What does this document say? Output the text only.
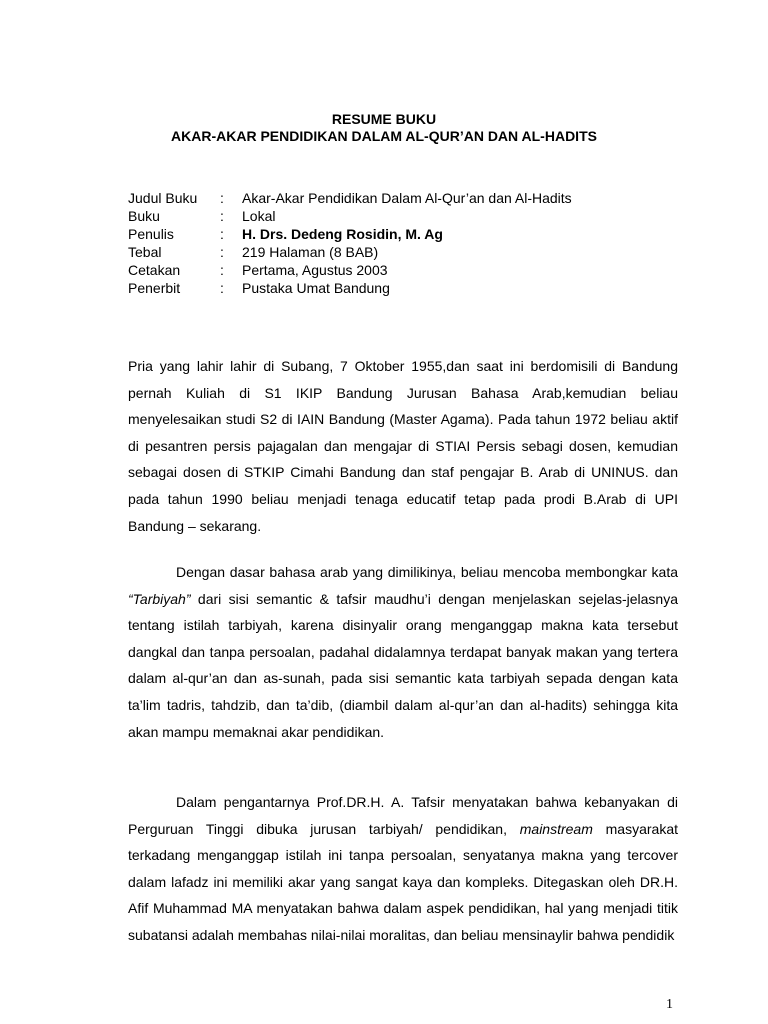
RESUME BUKU
AKAR-AKAR PENDIDIKAN DALAM AL-QUR’AN DAN AL-HADITS
Judul Buku	:	Akar-Akar Pendidikan Dalam Al-Qur’an dan Al-Hadits
Buku	:	Lokal
Penulis	:	H. Drs. Dedeng Rosidin, M. Ag
Tebal	:	219 Halaman (8 BAB)
Cetakan	:	Pertama, Agustus 2003
Penerbit	:	Pustaka Umat Bandung

Pria yang lahir lahir di Subang, 7 Oktober 1955,dan saat ini berdomisili di Bandung pernah Kuliah di S1 IKIP Bandung Jurusan Bahasa Arab,kemudian beliau menyelesaikan studi S2 di IAIN Bandung (Master Agama). Pada tahun 1972 beliau aktif di pesantren persis pajagalan dan mengajar di STIAI Persis sebagi dosen, kemudian sebagai dosen di STKIP Cimahi Bandung dan staf pengajar B. Arab di UNINUS. dan pada tahun 1990 beliau menjadi tenaga educatif tetap pada prodi B.Arab di UPI Bandung – sekarang.

Dengan dasar bahasa arab yang dimilikinya, beliau mencoba membongkar kata “Tarbiyah” dari sisi semantic & tafsir maudhu’i dengan menjelaskan sejelas-jelasnya tentang istilah tarbiyah, karena disinyalir orang menganggap makna kata tersebut dangkal dan tanpa persoalan, padahal didalamnya terdapat banyak makan yang tertera dalam al-qur’an dan as-sunah, pada sisi semantic kata tarbiyah sepada dengan kata ta’lim tadris, tahdzib, dan ta’dib, (diambil dalam al-qur’an dan al-hadits) sehingga kita akan mampu memaknai akar pendidikan.

Dalam pengantarnya Prof.DR.H. A. Tafsir menyatakan bahwa kebanyakan di Perguruan Tinggi dibuka jurusan tarbiyah/ pendidikan, mainstream masyarakat terkadang menganggap istilah ini tanpa persoalan, senyatanya makna yang tercover dalam lafadz ini memiliki akar yang sangat kaya dan kompleks. Ditegaskan oleh DR.H. Afif Muhammad MA menyatakan bahwa dalam aspek pendidikan, hal yang menjadi titik subatansi adalah membahas nilai-nilai moralitas, dan beliau mensinaylir bahwa pendidik

1
